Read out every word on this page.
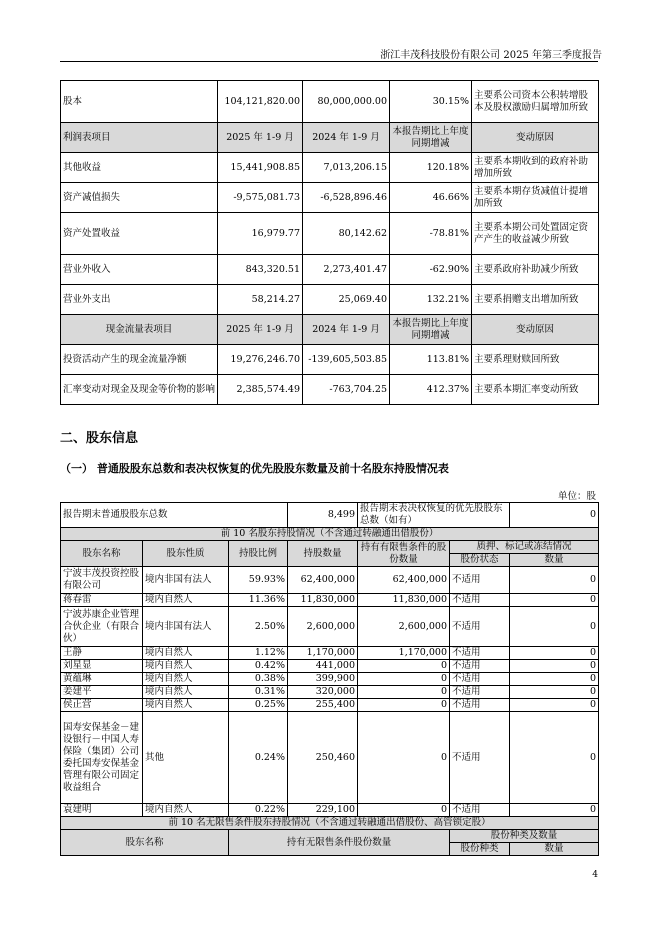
浙江丰茂科技股份有限公司 2025 年第三季度报告
股本	104,121,820.00	80,000,000.00	30.15%	主要系公司资本公积转增股本及股权激励归属增加所致
利润表项目	2025 年 1-9 月	2024 年 1-9 月	本报告期比上年度同期增减	变动原因
其他收益	15,441,908.85	7,013,206.15	120.18%	主要系本期收到的政府补助增加所致
资产减值损失	-9,575,081.73	-6,528,896.46	46.66%	主要系本期存货减值计提增加所致
资产处置收益	16,979.77	80,142.62	-78.81%	主要系本期公司处置固定资产产生的收益减少所致
营业外收入	843,320.51	2,273,401.47	-62.90%	主要系政府补助减少所致
营业外支出	58,214.27	25,069.40	132.21%	主要系捐赠支出增加所致
现金流量表项目	2025 年 1-9 月	2024 年 1-9 月	本报告期比上年度同期增减	变动原因
投资活动产生的现金流量净额	19,276,246.70	-139,605,503.85	113.81%	主要系理财赎回所致
汇率变动对现金及现金等价物的影响	2,385,574.49	-763,704.25	412.37%	主要系本期汇率变动所致
二、股东信息
（一） 普通股股东总数和表决权恢复的优先股股东数量及前十名股东持股情况表
单位：股
报告期末普通股股东总数			8,499	报告期末表决权恢复的优先股股东总数（如有）		0
前 10 名股东持股情况（不含通过转融通出借股份）						
股东名称	股东性质	持股比例	持股数量	持有有限售条件的股份数量	质押、标记或冻结情况	
					股份状态	数量
宁波丰茂投资控股有限公司	境内非国有法人	59.93%	62,400,000	62,400,000	不适用	0
蒋春雷	境内自然人	11.36%	11,830,000	11,830,000	不适用	0
宁波苏康企业管理合伙企业（有限合伙）	境内非国有法人	2.50%	2,600,000	2,600,000	不适用	0
王静	境内自然人	1.12%	1,170,000	1,170,000	不适用	0
刘星显	境内自然人	0.42%	441,000	0	不适用	0
黄蕴琳	境内自然人	0.38%	399,900	0	不适用	0
姜建平	境内自然人	0.31%	320,000	0	不适用	0
侯正营	境内自然人	0.25%	255,400	0	不适用	0
国寿安保基金－建设银行－中国人寿保险（集团）公司委托国寿安保基金管理有限公司固定收益组合	其他	0.24%	250,460	0	不适用	0
袁建明	境内自然人	0.22%	229,100	0	不适用	0
前 10 名无限售条件股东持股情况（不含通过转融通出借股份、高管锁定股）						
股东名称		持有无限售条件股份数量			股份种类及数量	
					股份种类	数量
4
